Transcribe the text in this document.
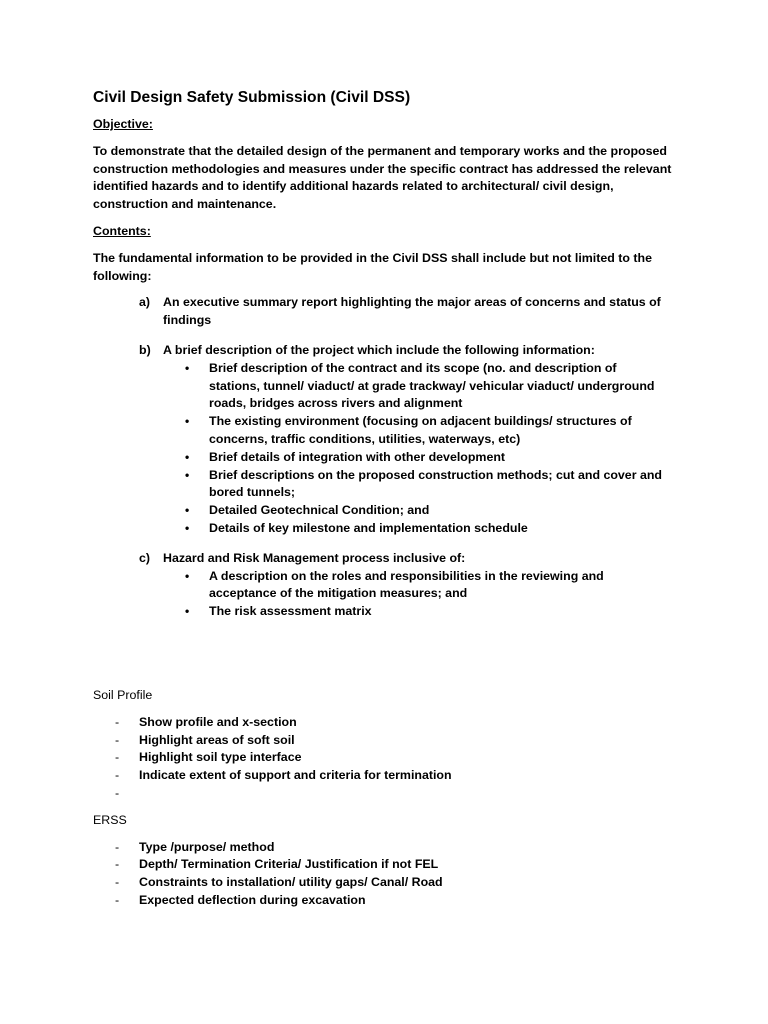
Civil Design Safety Submission (Civil DSS)
Objective:

To demonstrate that the detailed design of the permanent and temporary works and the proposed construction methodologies and measures under the specific contract has addressed the relevant identified hazards and to identify additional hazards related to architectural/ civil design, construction and maintenance.

Contents:

The fundamental information to be provided in the Civil DSS shall include but not limited to the following:

a) An executive summary report highlighting the major areas of concerns and status of findings
b) A brief description of the project which include the following information:
• Brief description of the contract and its scope (no. and description of stations, tunnel/ viaduct/ at grade trackway/ vehicular viaduct/ underground roads, bridges across rivers and alignment
• The existing environment (focusing on adjacent buildings/ structures of concerns, traffic conditions, utilities, waterways, etc)
• Brief details of integration with other development
• Brief descriptions on the proposed construction methods; cut and cover and bored tunnels;
• Detailed Geotechnical Condition; and
• Details of key milestone and implementation schedule
c) Hazard and Risk Management process inclusive of:
• A description on the roles and responsibilities in the reviewing and acceptance of the mitigation measures; and
• The risk assessment matrix
Soil Profile
- Show profile and x-section
- Highlight areas of soft soil
- Highlight soil type interface
- Indicate extent of support and criteria for termination
-
ERSS
- Type /purpose/ method
- Depth/ Termination Criteria/ Justification if not FEL
- Constraints to installation/ utility gaps/ Canal/ Road
- Expected deflection during excavation
